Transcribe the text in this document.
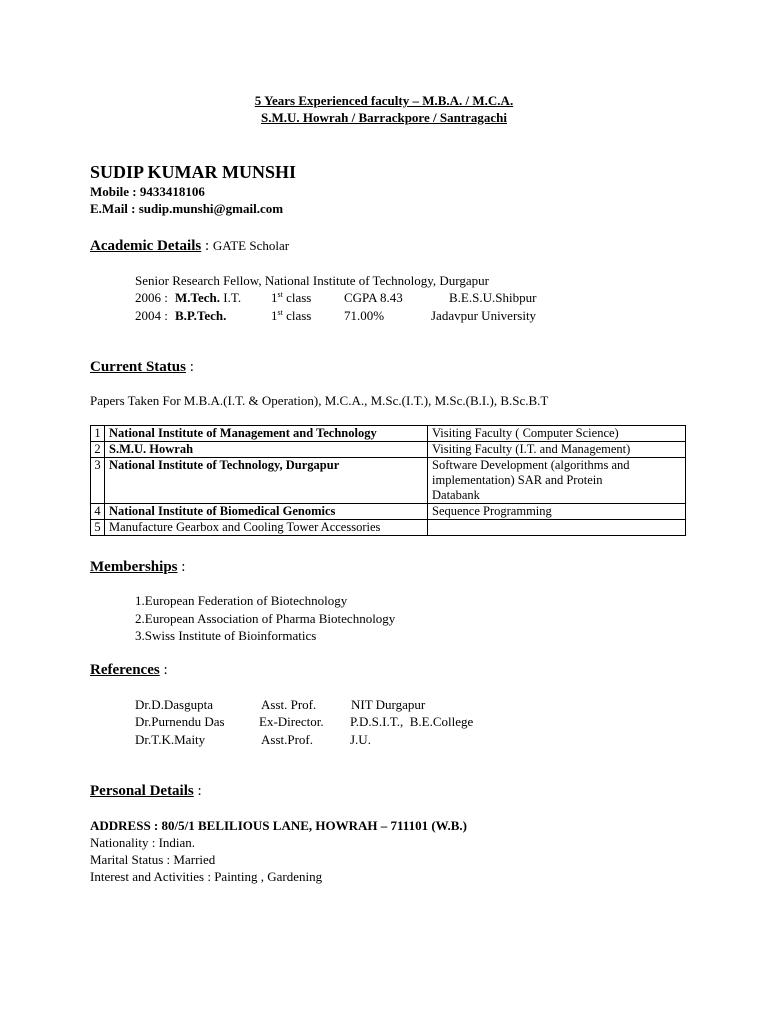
5 Years Experienced faculty – M.B.A. / M.C.A.
S.M.U. Howrah / Barrackpore / Santragachi
SUDIP KUMAR MUNSHI
Mobile : 9433418106
E.Mail : sudip.munshi@gmail.com
Academic Details : GATE Scholar
Senior Research Fellow, National Institute of Technology, Durgapur
2006 : M.Tech. I.T. 1st class	CGPA 8.43	B.E.S.U.Shibpur
2004 : B.P.Tech.	1st class	71.00%	Jadavpur University
Current Status :
Papers Taken For M.B.A.(I.T. & Operation), M.C.A., M.Sc.(I.T.), M.Sc.(B.I.), B.Sc.B.T
1	National Institute of Management and Technology	Visiting Faculty ( Computer Science)
2	S.M.U. Howrah	Visiting Faculty (I.T. and Management)
3	National Institute of Technology, Durgapur	Software Development (algorithms and
implementation) SAR and Protein
Databank

4	National Institute of Biomedical Genomics	Sequence Programming
5	Manufacture Gearbox and Cooling Tower Accessories	
Memberships :
1.European Federation of Biotechnology
2.European Association of Pharma Biotechnology
3.Swiss Institute of Bioinformatics
References :
Dr.D.Dasgupta	Asst. Prof.	NIT Durgapur
Dr.Purnendu Das	Ex-Director. P.D.S.I.T.,  B.E.College
Dr.T.K.Maity	Asst.Prof.	J.U.
Personal Details :
ADDRESS : 80/5/1 BELILIOUS LANE, HOWRAH – 711101 (W.B.)
Nationality : Indian.
Marital Status : Married
Interest and Activities : Painting , Gardening
